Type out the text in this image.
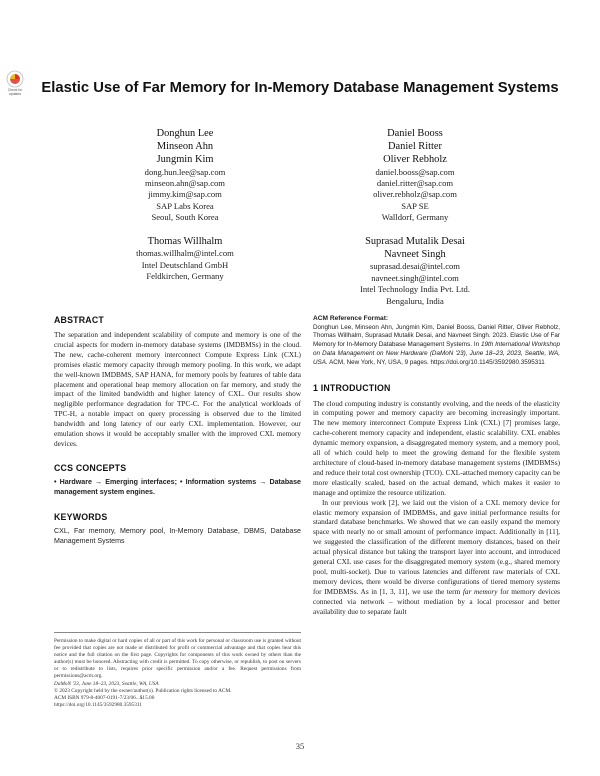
Check for updates	Elastic Use of Far Memory for In-Memory Database Management Systems
Donghun Lee
Minseon Ahn
Jungmin Kim
dong.hun.lee@sap.com
minseon.ahn@sap.com
jimmy.kim@sap.com
SAP Labs Korea
Seoul, South Korea
Daniel Booss
Daniel Ritter
Oliver Rebholz
daniel.booss@sap.com
daniel.ritter@sap.com
oliver.rebholz@sap.com
SAP SE
Walldorf, Germany
Thomas Willhalm
thomas.willhalm@intel.com
Intel Deutschland GmbH
Feldkirchen, Germany
Suprasad Mutalik Desai
Navneet Singh
suprasad.desai@intel.com
navneet.singh@intel.com
Intel Technology India Pvt. Ltd.
Bengaluru, India
ABSTRACT

The separation and independent scalability of compute and memory is one of the crucial aspects for modern in-memory database systems (IMDBMSs) in the cloud. The new, cache-coherent memory interconnect Compute Express Link (CXL) promises elastic memory capacity through memory pooling. In this work, we adapt the well-known IMDBMS, SAP HANA, for memory pools by features of table data placement and operational heap memory allocation on far memory, and study the impact of the limited bandwidth and higher latency of CXL. Our results show negligible performance degradation for TPC-C. For the analytical workloads of TPC-H, a notable impact on query processing is observed due to the limited bandwidth and long latency of our early CXL implementation. However, our emulation shows it would be acceptably smaller with the improved CXL memory devices.

CCS CONCEPTS

• Hardware → Emerging interfaces; • Information systems → Database management system engines.

KEYWORDS

CXL, Far memory, Memory pool, In-Memory Database, DBMS, Database Management Systems

ACM Reference Format:

Donghun Lee, Minseon Ahn, Jungmin Kim, Daniel Booss, Daniel Ritter, Oliver Rebholz, Thomas Willhalm, Suprasad Mutalik Desai, and Navneet Singh. 2023. Elastic Use of Far Memory for In-Memory Database Management Systems. In 19th International Workshop on Data Management on New Hardware (DaMoN '23), June 18–23, 2023, Seattle, WA, USA. ACM, New York, NY, USA, 9 pages. https://doi.org/10.1145/3592980.3595311

1 INTRODUCTION

The cloud computing industry is constantly evolving, and the needs of the elasticity in computing power and memory capacity are becoming increasingly important. The new memory interconnect Compute Express Link (CXL) [7] promises large, cache-coherent memory capacity and independent, elastic scalability. CXL enables dynamic memory expansion, a disaggregated memory system, and a memory pool, all of which could help to meet the growing demand for the flexible system architecture of cloud-based in-memory database management systems (IMDBMSs) and reduce their total cost ownership (TCO). CXL-attached memory capacity can be more elastically scaled, based on the actual demand, which makes it easier to manage and optimize the resource utilization.

In our previous work [2], we laid out the vision of a CXL memory device for elastic memory expansion of IMDBMSs, and gave initial performance results for standard database benchmarks. We showed that we can easily expand the memory space with nearly no or small amount of performance impact. Additionally in [11], we suggested the classification of the different memory distances, based on their actual physical distance but taking the transport layer into account, and introduced general CXL use cases for the disaggregated memory system (e.g., shared memory pool, multi-socket). Due to various latencies and different raw materials of CXL memory devices, there would be diverse configurations of tiered memory systems for IMDBMSs. As in [1, 3, 11], we use the term far memory for memory devices connected via network – without mediation by a local processor and better availability due to separate fault

Permission to make digital or hard copies of all or part of this work for personal or classroom use is granted without fee provided that copies are not made or distributed for profit or commercial advantage and that copies bear this notice and the full citation on the first page. Copyrights for components of this work owned by others than the author(s) must be honored. Abstracting with credit is permitted. To copy otherwise, or republish, to post on servers or to redistribute to lists, requires prior specific permission and/or a fee. Request permissions from permissions@acm.org.
DaMoN '23, June 18–23, 2023, Seattle, WA, USA
© 2023 Copyright held by the owner/author(s). Publication rights licensed to ACM.
ACM ISBN 979-8-4007-0191-7/23/06...$15.00
https://doi.org/10.1145/3592980.3595311
35
